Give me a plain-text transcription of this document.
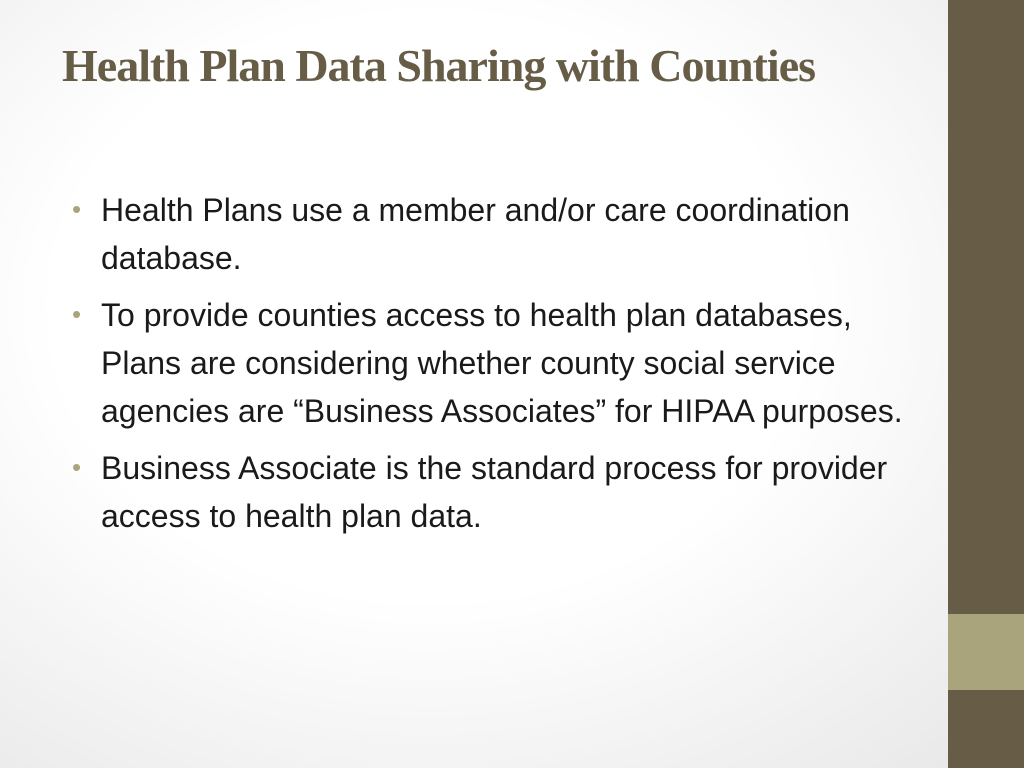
Health Plan Data Sharing with Counties
• Health Plans use a member and/or care coordination database.
• To provide counties access to health plan databases, Plans are considering whether county social service agencies are “Business Associates” for HIPAA purposes.
• Business Associate is the standard process for provider access to health plan data.
